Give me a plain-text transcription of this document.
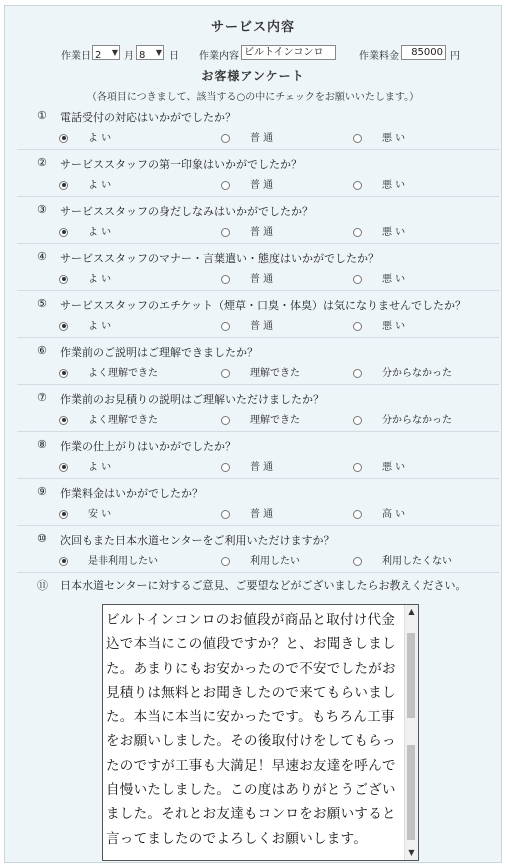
サービス内容
作業日 2 ▼ 月 8 ▼ 日 作業内容 ビルトインコンロ	作業料金	85000 円
お客様アンケート
（各項目につきまして、該当する○の中にチェックをお願いいたします。）
① 電話受付の対応はいかがでしたか？
よ い	普 通	悪 い
② サービススタッフの第一印象はいかがでしたか？
よ い	普 通	悪 い
③ サービススタッフの身だしなみはいかがでしたか？
よ い	普 通	悪 い
④ サービススタッフのマナー・言葉遣い・態度はいかがでしたか？
よ い	普 通	悪 い
⑤ サービススタッフのエチケット（煙草・口臭・体臭）は気になりませんでしたか？
よ い	普 通	悪 い
⑥ 作業前のご説明はご理解できましたか？
よく理解できた	理解できた	分からなかった
⑦ 作業前のお見積りの説明はご理解いただけましたか？
よく理解できた	理解できた	分からなかった
⑧ 作業の仕上がりはいかがでしたか？
よ い	普 通	悪 い
⑨ 作業料金はいかがでしたか？
安 い	普 通	高 い
⑩ 次回もまた日本水道センターをご利用いただけますか？
是非利用したい	利用したい	利用したくない
⑪ 日本水道センターに対するご意見、ご要望などがございましたらお教えください。
ビルトインコンロのお値段が商品と取付け代金込で本当にこの値段ですか？と、お聞きしました。あまりにもお安かったので不安でしたがお見積りは無料とお聞きしたので来てもらいました。本当に本当に安かったです。もちろん工事をお願いしました。その後取付けをしてもらったのですが工事も大満足！早速お友達を呼んで自慢いたしました。この度はありがとうございました。それとお友達もコンロをお願いすると言ってましたのでよろしくお願いします。
▲
▼
